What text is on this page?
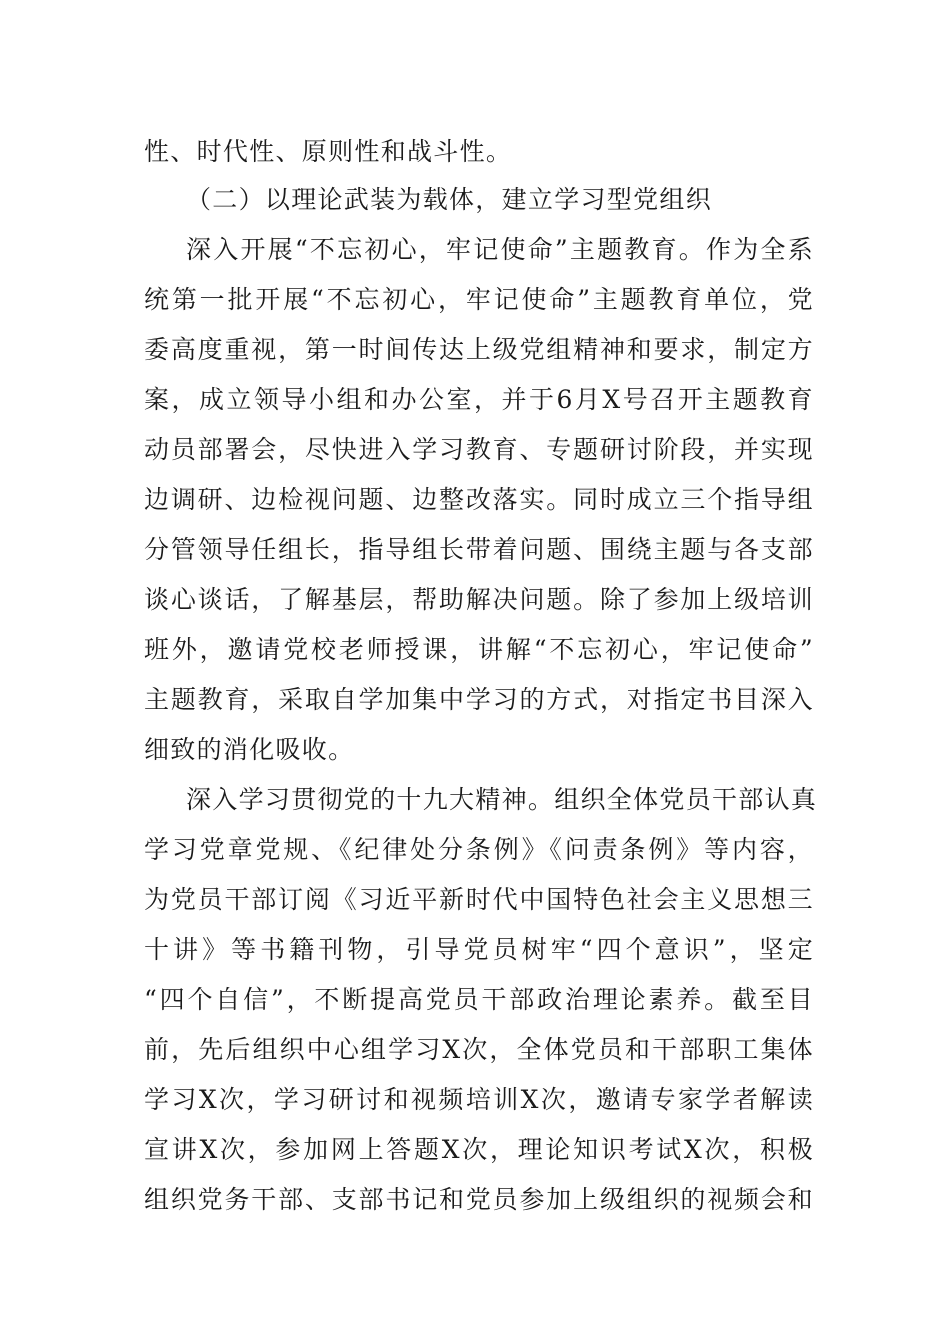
性、时代性、原则性和战斗性。
（二）以理论武装为载体，建立学习型党组织
深入开展“不忘初心，牢记使命”主题教育。作为全系
统第一批开展“不忘初心，牢记使命”主题教育单位，党
委高度重视，第一时间传达上级党组精神和要求，制定方
案，成立领导小组和办公室，并于6月X号召开主题教育
动员部署会，尽快进入学习教育、专题研讨阶段，并实现
边调研、边检视问题、边整改落实。同时成立三个指导组
分管领导任组长，指导组长带着问题、围绕主题与各支部
谈心谈话，了解基层，帮助解决问题。除了参加上级培训
班外，邀请党校老师授课，讲解“不忘初心，牢记使命”
主题教育，采取自学加集中学习的方式，对指定书目深入
细致的消化吸收。
深入学习贯彻党的十九大精神。组织全体党员干部认真
学习党章党规、《纪律处分条例》《问责条例》等内容，
为党员干部订阅《习近平新时代中国特色社会主义思想三
十讲》等书籍刊物，引导党员树牢“四个意识”，坚定
“四个自信”，不断提高党员干部政治理论素养。截至目
前，先后组织中心组学习X次，全体党员和干部职工集体
学习X次，学习研讨和视频培训X次，邀请专家学者解读
宣讲X次，参加网上答题X次，理论知识考试X次，积极
组织党务干部、支部书记和党员参加上级组织的视频会和
